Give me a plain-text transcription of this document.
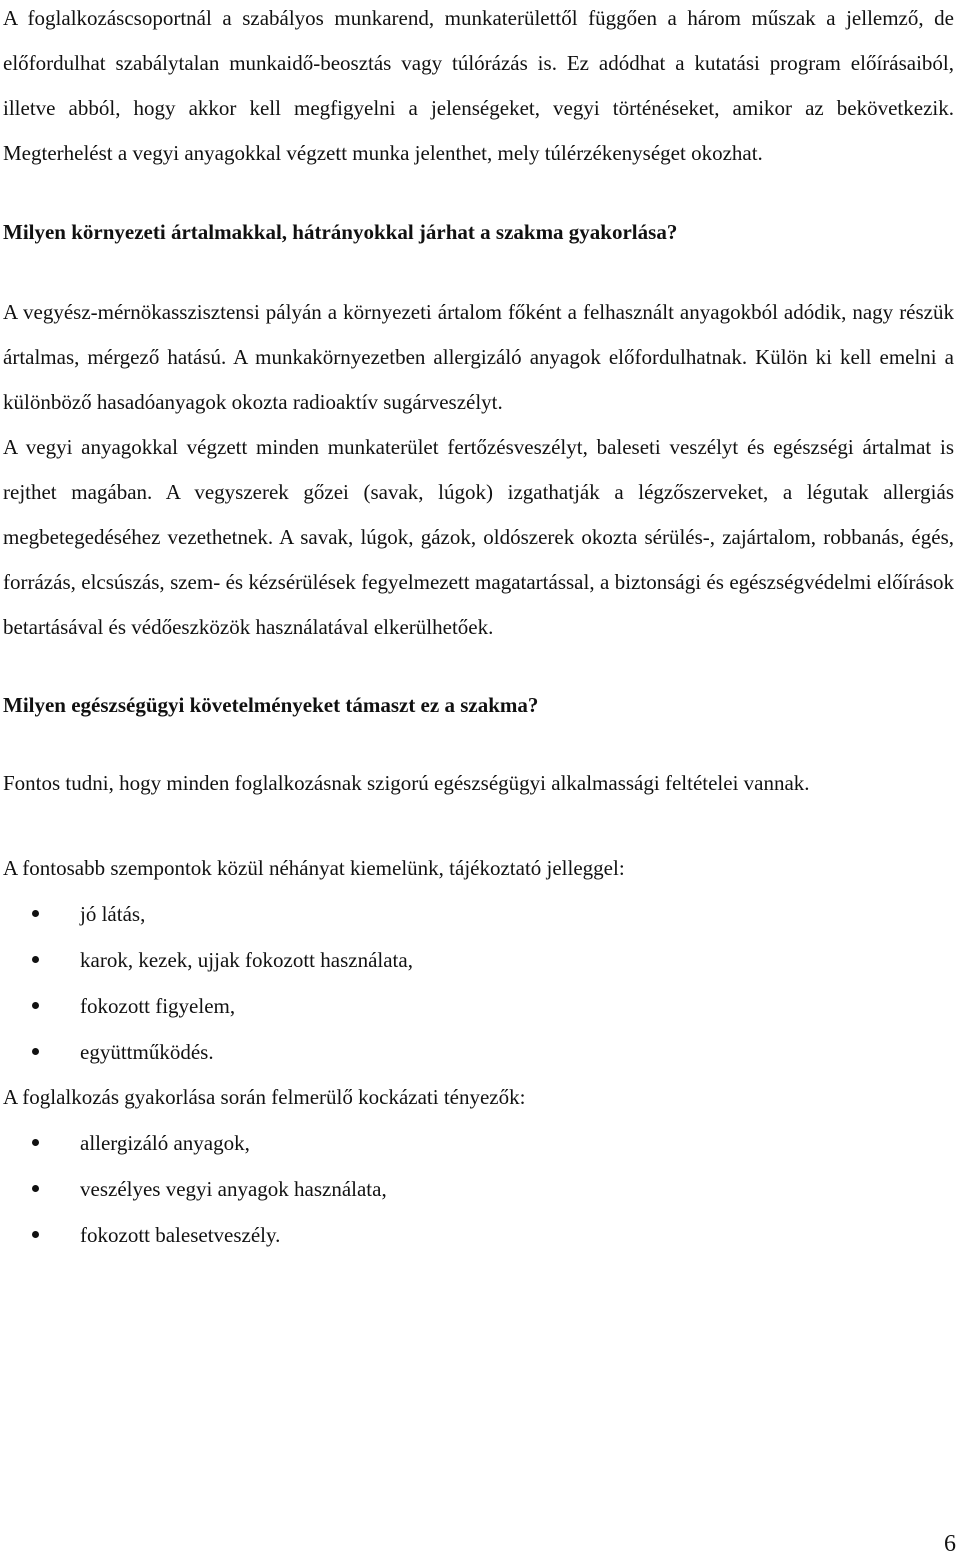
A foglalkozáscsoportnál a szabályos munkarend, munkaterülettől függően a három műszak a jellemző, de előfordulhat szabálytalan munkaidő-beosztás vagy túlórázás is. Ez adódhat a kutatási program előírásaiból, illetve abból, hogy akkor kell megfigyelni a jelenségeket, vegyi történéseket, amikor az bekövetkezik. Megterhelést a vegyi anyagokkal végzett munka jelenthet, mely túlérzékenységet okozhat.

Milyen környezeti ártalmakkal, hátrányokkal járhat a szakma gyakorlása?

A vegyész-mérnökasszisztensi pályán a környezeti ártalom főként a felhasznált anyagokból adódik, nagy részük ártalmas, mérgező hatású. A munkakörnyezetben allergizáló anyagok előfordulhatnak. Külön ki kell emelni a különböző hasadóanyagok okozta radioaktív sugárveszélyt.

A vegyi anyagokkal végzett minden munkaterület fertőzésveszélyt, baleseti veszélyt és egészségi ártalmat is rejthet magában. A vegyszerek gőzei (savak, lúgok) izgathatják a légzőszerveket, a légutak allergiás megbetegedéséhez vezethetnek. A savak, lúgok, gázok, oldószerek okozta sérülés-, zajártalom, robbanás, égés, forrázás, elcsúszás, szem- és kézsérülések fegyelmezett magatartással, a biztonsági és egészségvédelmi előírások betartásával és védőeszközök használatával elkerülhetőek.

Milyen egészségügyi követelményeket támaszt ez a szakma?

Fontos tudni, hogy minden foglalkozásnak szigorú egészségügyi alkalmassági feltételei vannak.

A fontosabb szempontok közül néhányat kiemelünk, tájékoztató jelleggel:

jó látás,
karok, kezek, ujjak fokozott használata,
fokozott figyelem,
együttműködés.

A foglalkozás gyakorlása során felmerülő kockázati tényezők:

allergizáló anyagok,
veszélyes vegyi anyagok használata,
fokozott balesetveszély.
6
